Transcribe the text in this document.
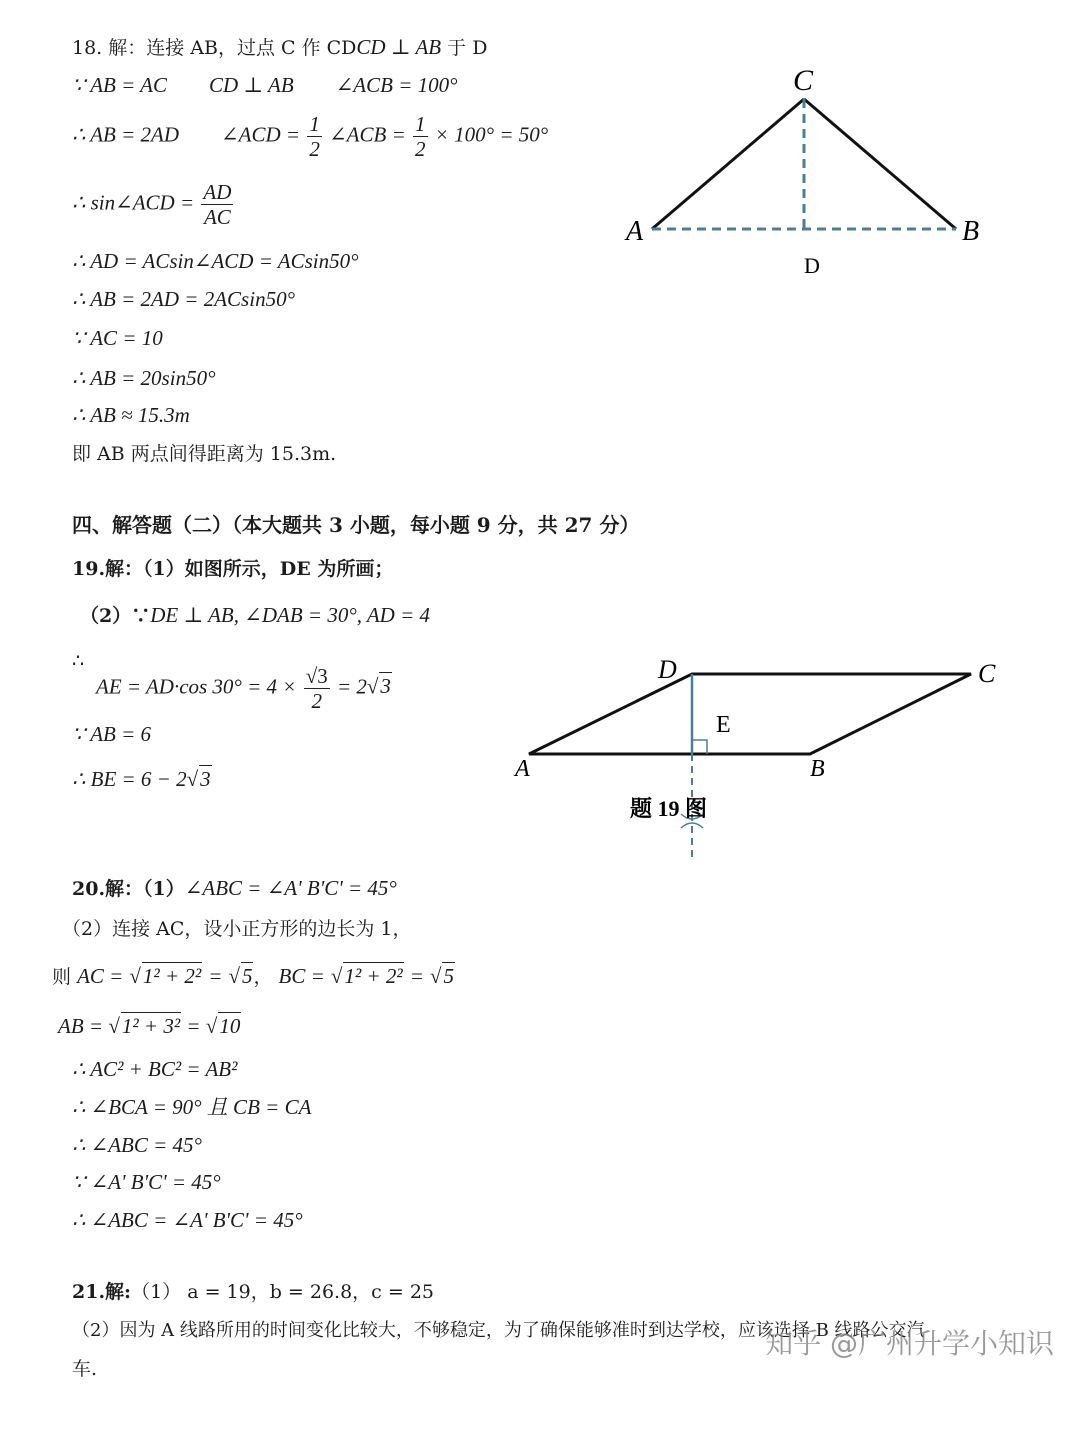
18. 解：连接 AB，过点 C 作 CDCD ⊥ AB 于 D
∵ AB = AC　　CD ⊥ AB　　∠ACB = 100°
∴ AB = 2AD　　∠ACD = $\frac{1}{2}$ ∠ACB = $\frac{1}{2} \times 100^\circ = 50^\circ$
∴ sin∠ACD = $\frac{AD}{AC}$
∴ AD = ACsin∠ACD = ACsin50°
∴ AB = 2AD = 2ACsin50°
∵ AC = 10
∴ AB = 20sin50°
∴ AB ≈ 15.3m
即 AB 两点间得距离为 15.3m.
C
A	B
D
四、解答题（二）（本大题共 3 小题，每小题 9 分，共 27 分）
19.解：（1）如图所示，DE 为所画；
（2）∵DE ⊥ AB, ∠DAB = 30°, AD = 4
∴
AE = AD·cos $30^\circ = 4 \times \frac{√3}{2} = 2√3$
∵ AB = 6
∴ BE = 6 − 2√3
D	C
E
A	B
题 19 图
20.解：（1）∠ABC = ∠A' B'C' = 45°
（2）连接 AC，设小正方形的边长为 1，
则 AC = √1² + 2² = √5， BC = √1² + 2² = √5
AB = √1² + 3² = √10
∴ AC² + BC² = AB²
∴ ∠BCA = 90° 且 CB = CA
∴ ∠ABC = 45°
∵ ∠A' B'C' = 45°
∴ ∠ABC = ∠A' B'C' = 45°
21.解:（1） a = 19，b = 26.8，c = 25
（2）因为 A 线路所用的时间变化比较大，不够稳定，为了确保能够准时到达学校，应该选择 B 线路公交汽
车.
知乎 @广州升学小知识
